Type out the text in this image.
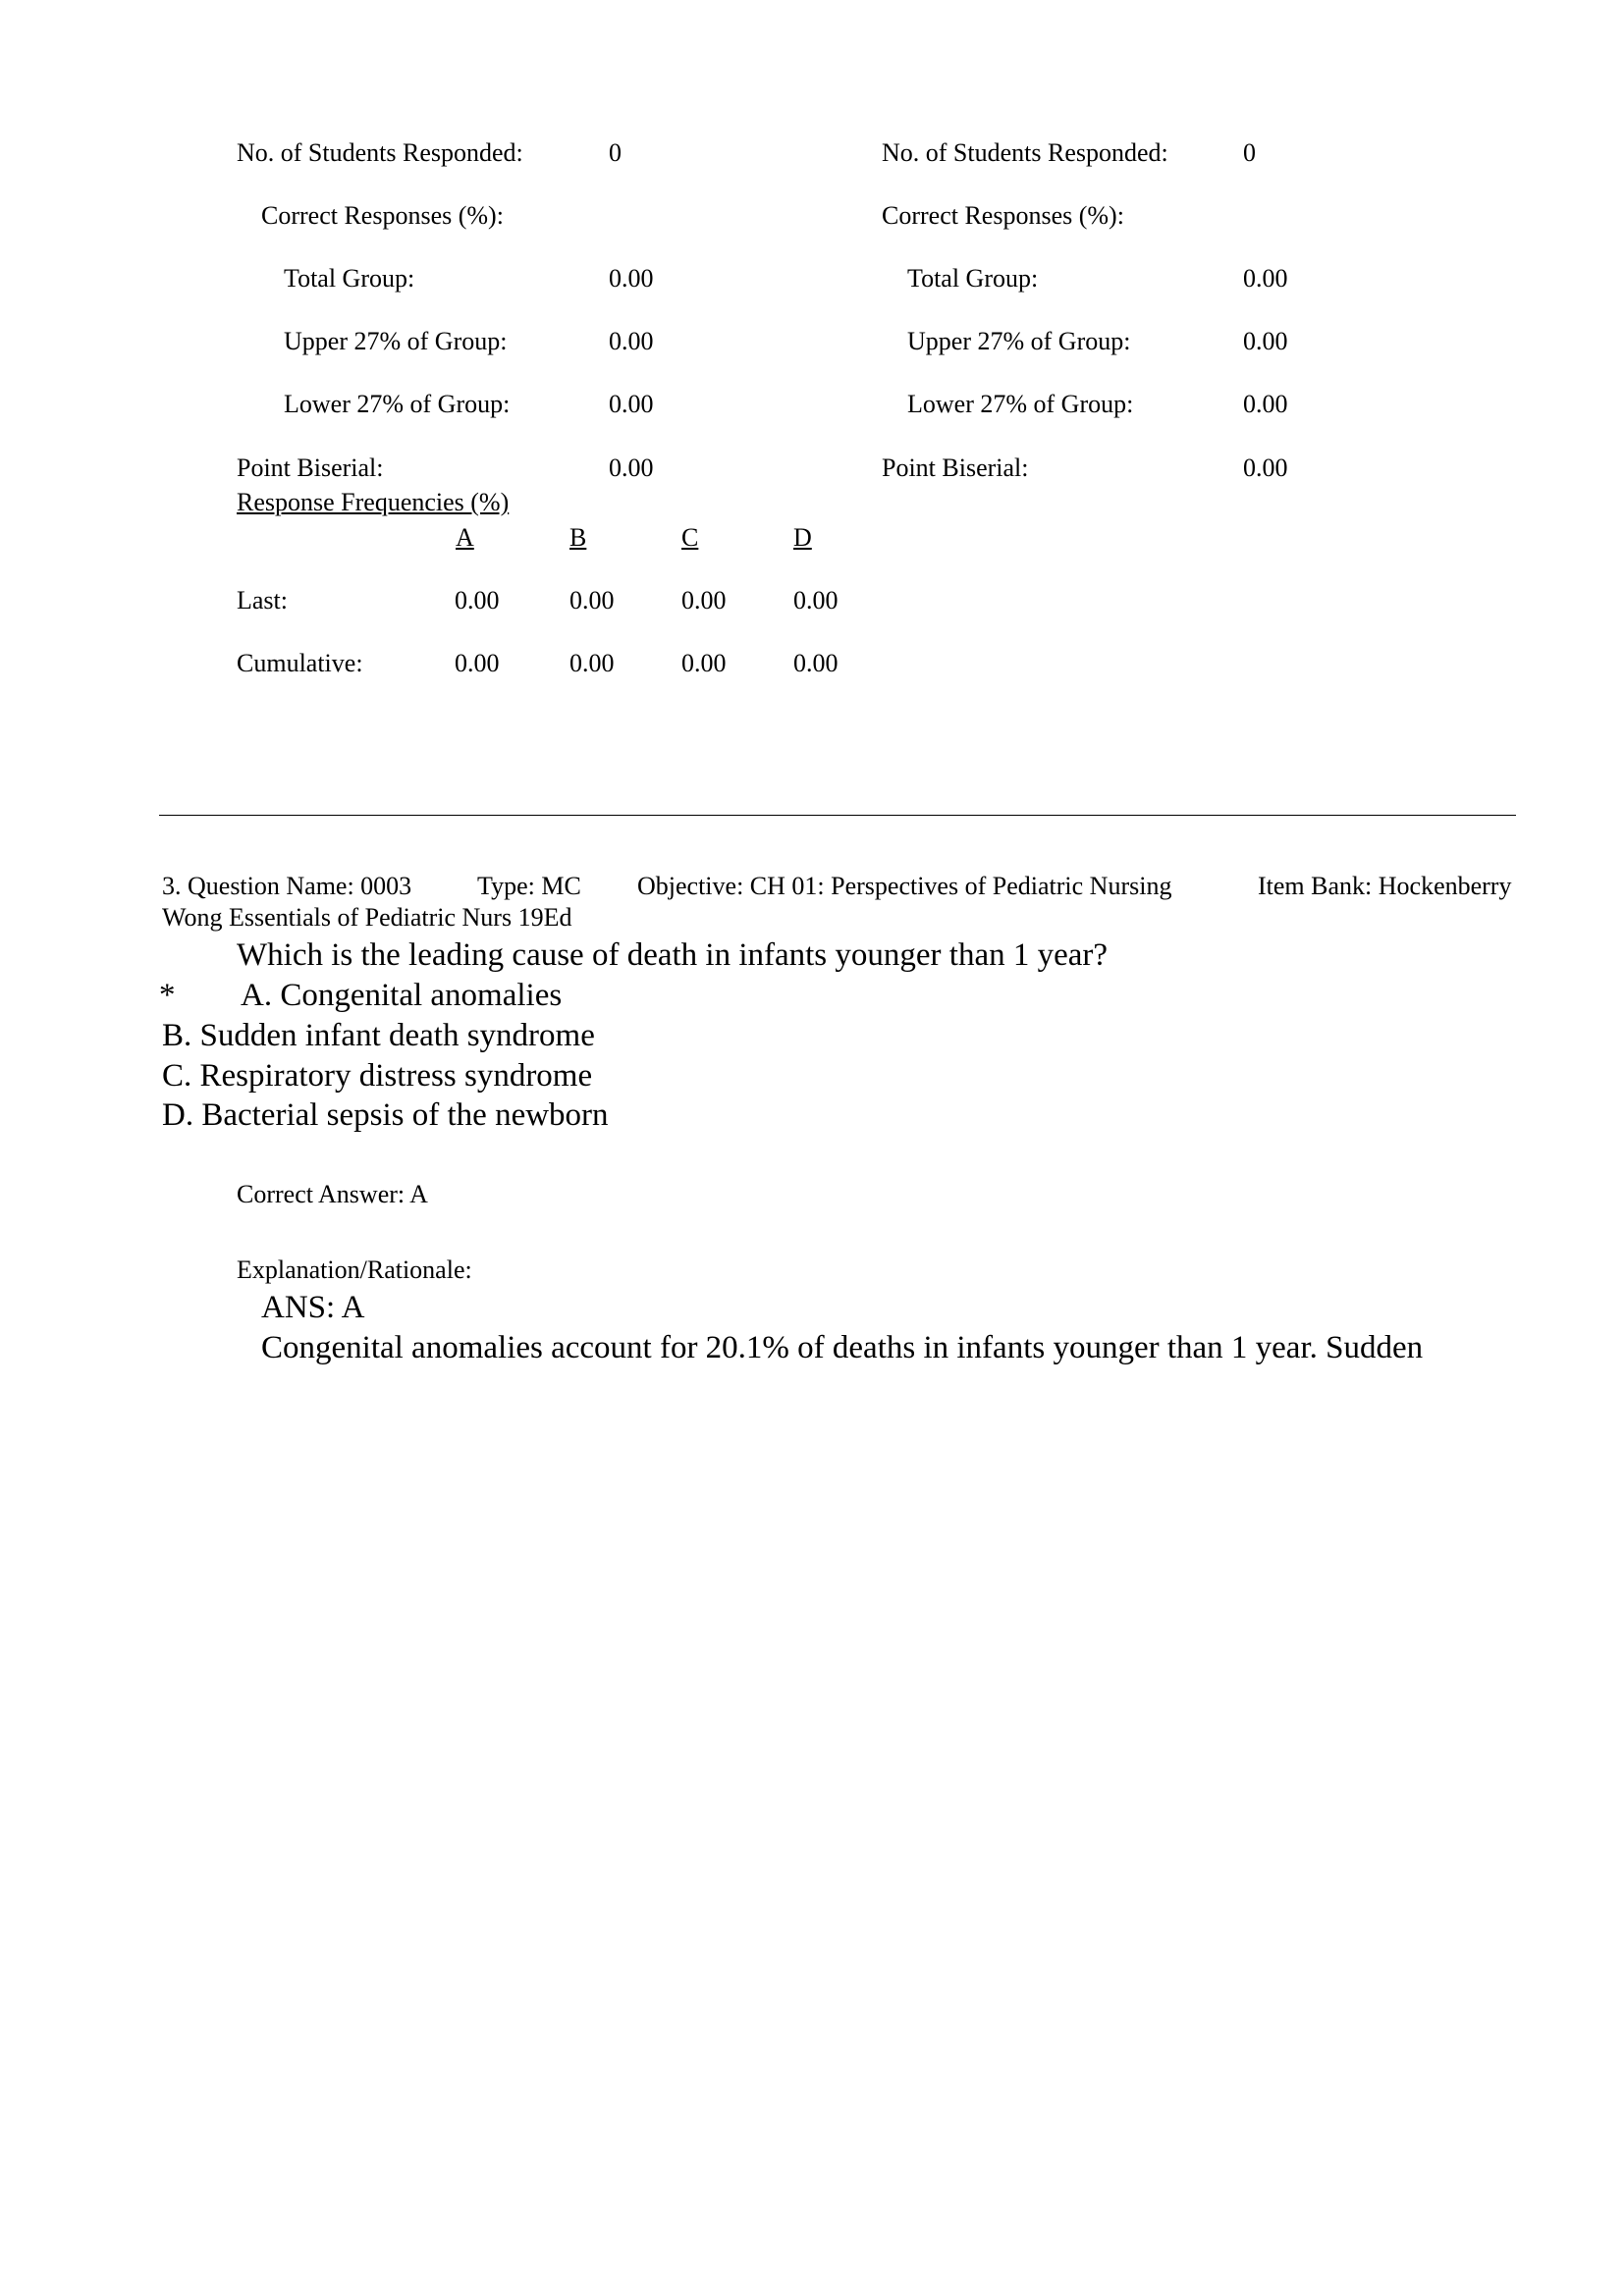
No. of Students Responded:	0
Correct Responses (%):
Total Group:	0.00
Upper 27% of Group:	0.00
Lower 27% of Group:	0.00
Point Biserial:	0.00
No. of Students Responded:	0
Correct Responses (%):
Total Group:	0.00
Upper 27% of Group:	0.00
Lower 27% of Group:	0.00
Point Biserial:	0.00
Response Frequencies (%)
A	B	C	D
Last:	0.00	0.00	0.00	0.00
Cumulative:	0.00	0.00	0.00	0.00
3. Question Name: 0003	Type: MC Objective: CH 01: Perspectives of Pediatric Nursing	Item Bank: Hockenberry
Wong Essentials of Pediatric Nurs 19Ed
Which is the leading cause of death in infants younger than 1 year?
* A. Congenital anomalies
B. Sudden infant death syndrome
C. Respiratory distress syndrome
D. Bacterial sepsis of the newborn
Correct Answer: A
Explanation/Rationale:
ANS: A
Congenital anomalies account for 20.1% of deaths in infants younger than 1 year. Sudden
